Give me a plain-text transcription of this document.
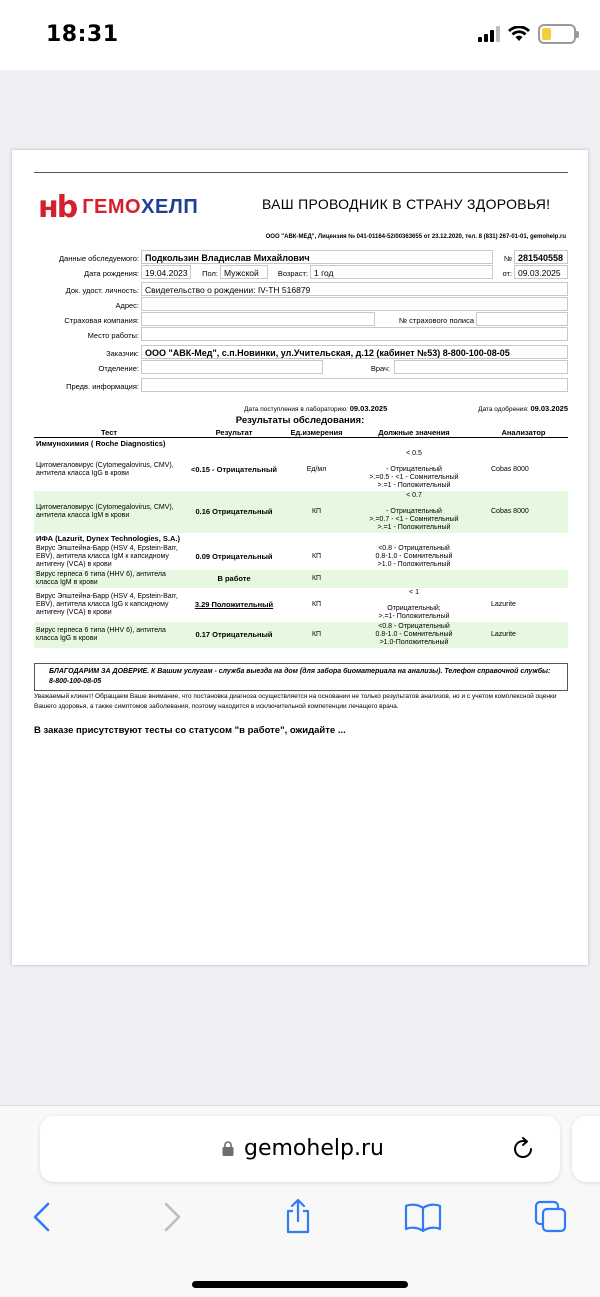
18:31
нb ГЕМОХЕЛП	ВАШ ПРОВОДНИК В СТРАНУ ЗДОРОВЬЯ!
ООО "АВК-МЕД", Лицензия № 041-01164-52/00363655 от 23.12.2020, тел. 8 (831) 267-01-01, gemohelp.ru
Данные обследуемого: Подкользин Владислав Михайлович	№ 281540558
Дата рождения: 19.04.2023	Пол: Мужской	Возраст: 1 год	от: 09.03.2025
Док. удост. личность: Свидетельство о рождении: IV-ТН 516879
Адрес:
Страховая компания:	№ страхового полиса
Место работы:
Заказчик: ООО "АВК-Мед", с.п.Новинки, ул.Учительская, д.12 (кабинет №53) 8-800-100-08-05
Отделение:	Врач:
Предв. информация:
Дата поступления в лабораторию: 09.03.2025	Дата одобрения: 09.03.2025
Результаты обследования:
Тест	Результат	Ед.измерения	Должные значения	Анализатор
Иммунохимия ( Roche Diagnostics)				
Цитомегаловирус (Cytomegalovirus, CMV), антитела класса IgG в крови	<0.15 - Отрицательный	Ед/мл	< 0.5

- Отрицательный
>.=0.5 - <1 - Сомнительный
>.=1 - Положительный	Cobas 8000
Цитомегаловирус (Cytomegalovirus, CMV), антитела класса IgM в крови	0.16 Отрицательный	КП	< 0.7

- Отрицательный
>.=0.7 - <1 - Сомнительный
>.=1 - Положительный	Cobas 8000
ИФА (Lazurit, Dynex Technologies, S.A.)				
Вирус Эпштейна-Барр (HSV 4, Epstein-Barr, EBV), антитела класса IgM к капсидному антигену (VCA) в крови	0.09 Отрицательный	КП	<0.8 - Отрицательный
0.8-1.0 - Сомнительный
>1.0 - Положительный	
Вирус герпеса 6 типа (HHV 6), антитела класса IgM в крови	В работе	КП		
Вирус Эпштейна-Барр (HSV 4, Epstein-Barr, EBV), антитела класса IgG к капсидному антигену (VCA) в крови	3.29 Положительный	КП	< 1

Отрицательный;
>.=1- Положительный	Lazurite
Вирус герпеса 6 типа (HHV 6), антитела класса IgG в крови	0.17 Отрицательный	КП	<0.8 - Отрицательный
0.8-1.0 - Сомнительный
>1.0-Положительный	Lazurite
БЛАГОДАРИМ ЗА ДОВЕРИЕ. К Вашим услугам - служба выезда на дом (для забора биоматериала на анализы). Телефон справочной службы: 8-800-100-08-05
Уважаемый клиент! Обращаем Ваше внимание, что постановка диагноза осуществляется на основании не только результатов анализов, но и с учетом комплексной оценки Вашего здоровья, а также симптомов заболевания, поэтому находится в исключительной компетенции лечащего врача.
В заказе присутствуют тесты со статусом "в работе", ожидайте ...
gemohelp.ru
